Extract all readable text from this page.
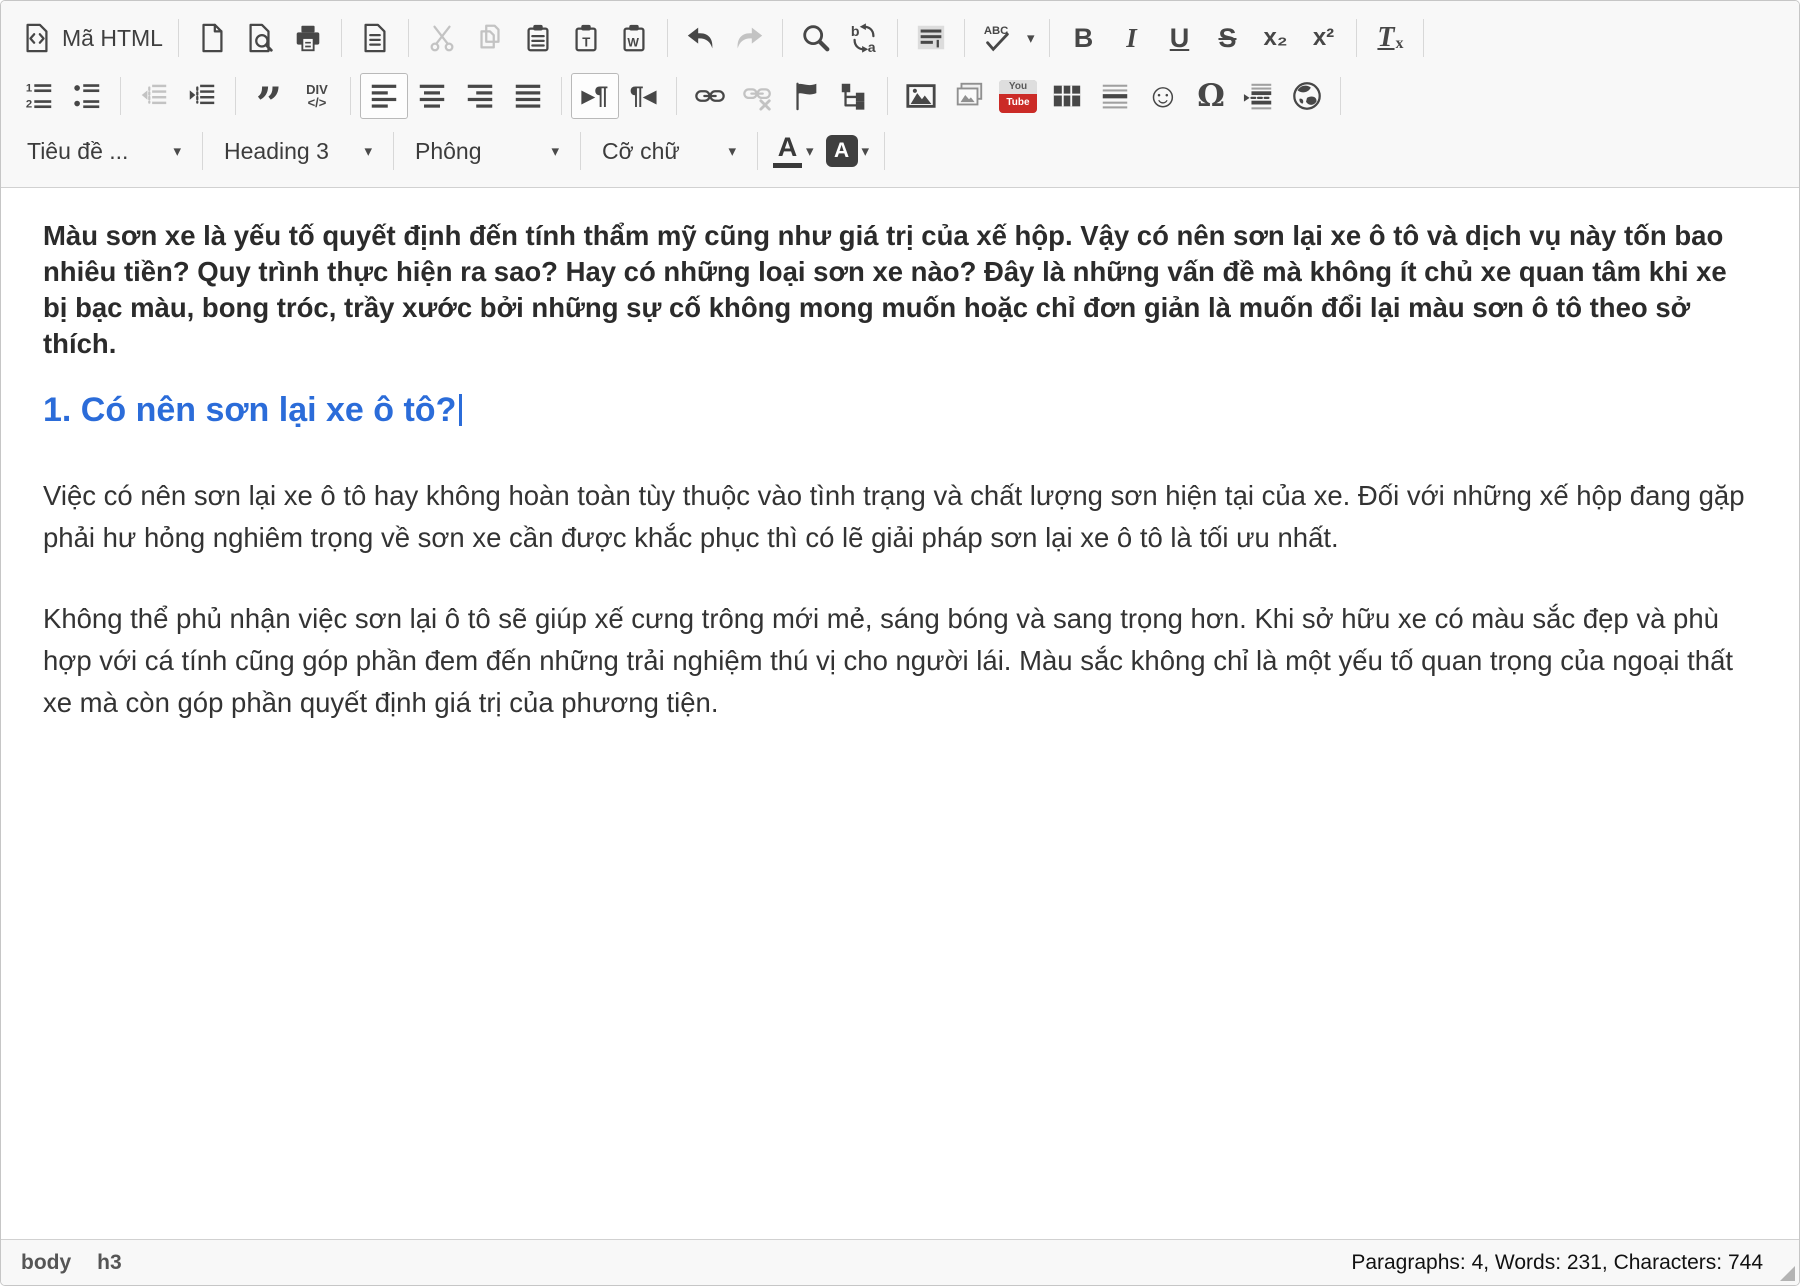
Mã HTML	T	W
b
a
ABC ▾ B I U S x₂ x² T x
1
2	” DIV
</>	▸¶ ¶◂	You
Tube	☺ Ω
Tiêu đề ...	▾ Heading 3 ▾ Phông	▾ Cỡ chữ	▾ A ▾ A ▾

Màu sơn xe là yếu tố quyết định đến tính thẩm mỹ cũng như giá trị của xế hộp. Vậy có nên sơn lại xe ô tô và dịch vụ này tốn bao nhiêu tiền? Quy trình thực hiện ra sao? Hay có những loại sơn xe nào? Đây là những vấn đề mà không ít chủ xe quan tâm khi xe bị bạc màu, bong tróc, trầy xước bởi những sự cố không mong muốn hoặc chỉ đơn giản là muốn đổi lại màu sơn ô tô theo sở thích.

1. Có nên sơn lại xe ô tô?

Việc có nên sơn lại xe ô tô hay không hoàn toàn tùy thuộc vào tình trạng và chất lượng sơn hiện tại của xe. Đối với những xế hộp đang gặp phải hư hỏng nghiêm trọng về sơn xe cần được khắc phục thì có lẽ giải pháp sơn lại xe ô tô là tối ưu nhất.

Không thể phủ nhận việc sơn lại ô tô sẽ giúp xế cưng trông mới mẻ, sáng bóng và sang trọng hơn. Khi sở hữu xe có màu sắc đẹp và phù hợp với cá tính cũng góp phần đem đến những trải nghiệm thú vị cho người lái. Màu sắc không chỉ là một yếu tố quan trọng của ngoại thất xe mà còn góp phần quyết định giá trị của phương tiện.

body h3	Paragraphs: 4, Words: 231, Characters: 744
